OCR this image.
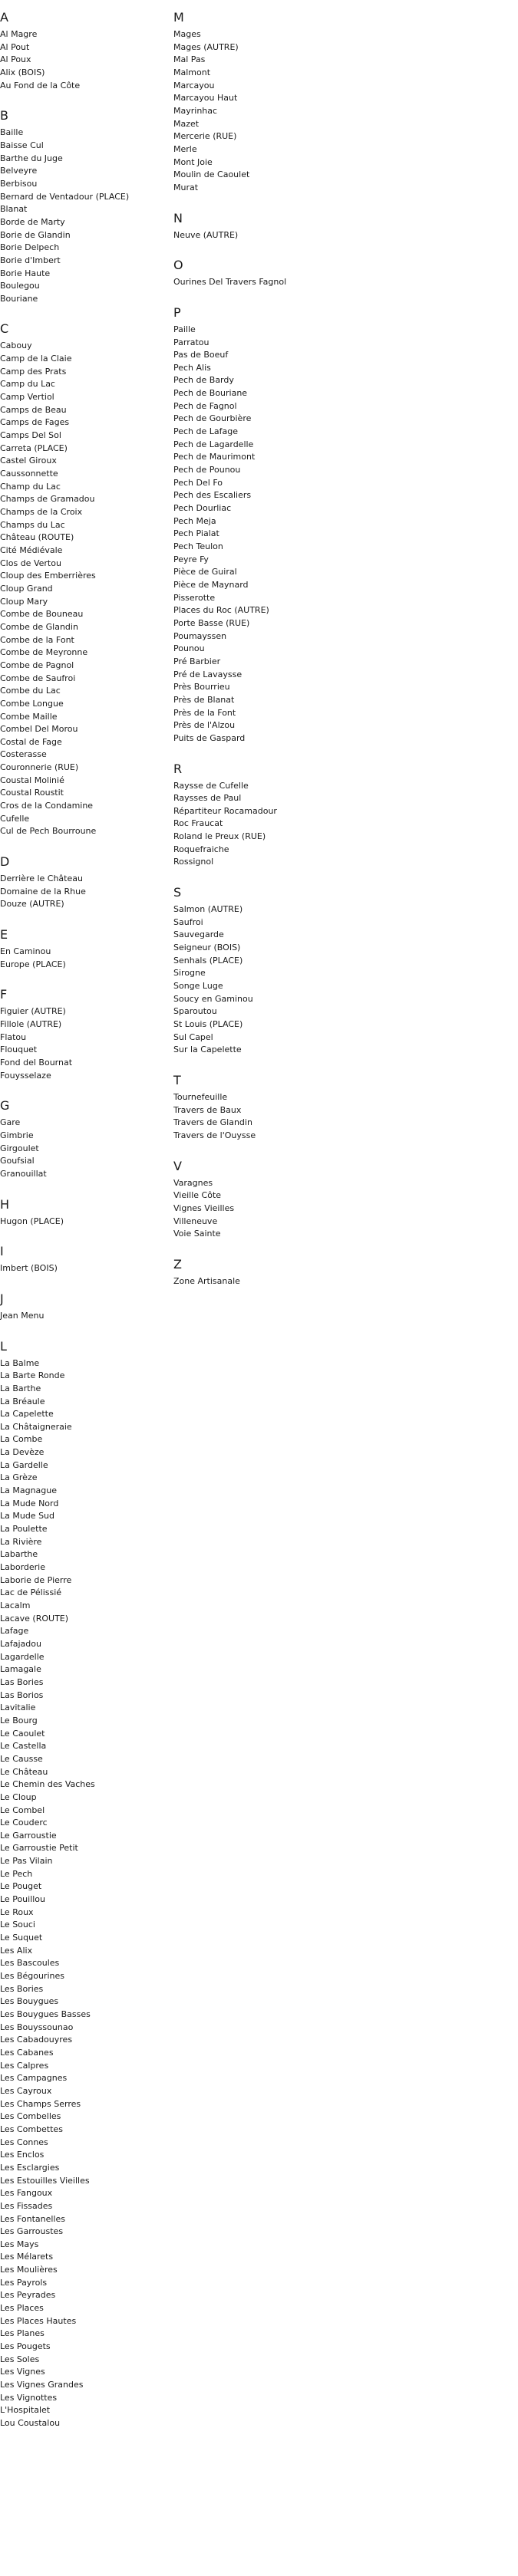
A
Al Magre
Al Pout
Al Poux
Alix (BOIS)
Au Fond de la Côte
B
Baille
Baisse Cul
Barthe du Juge
Belveyre
Berbisou
Bernard de Ventadour (PLACE)
Blanat
Borde de Marty
Borie de Glandin
Borie Delpech
Borie d'Imbert
Borie Haute
Boulegou
Bouriane
C
Cabouy
Camp de la Claie
Camp des Prats
Camp du Lac
Camp Vertiol
Camps de Beau
Camps de Fages
Camps Del Sol
Carreta (PLACE)
Castel Giroux
Caussonnette
Champ du Lac
Champs de Gramadou
Champs de la Croix
Champs du Lac
Château (ROUTE)
Cité Médiévale
Clos de Vertou
Cloup des Emberrières
Cloup Grand
Cloup Mary
Combe de Bouneau
Combe de Glandin
Combe de la Font
Combe de Meyronne
Combe de Pagnol
Combe de Saufroi
Combe du Lac
Combe Longue
Combe Maille
Combel Del Morou
Costal de Fage
Costerasse
Couronnerie (RUE)
Coustal Molinié
Coustal Roustit
Cros de la Condamine
Cufelle
Cul de Pech Bourroune
D
Derrière le Château
Domaine de la Rhue
Douze (AUTRE)
E
En Caminou
Europe (PLACE)
F
Figuier (AUTRE)
Fillole (AUTRE)
Flatou
Flouquet
Fond del Bournat
Fouysselaze
G
Gare
Gimbrie
Girgoulet
Goufsial
Granouillat
H
Hugon (PLACE)
I
Imbert (BOIS)
J
Jean Menu
L
La Balme
La Barte Ronde
La Barthe
La Bréaule
La Capelette
La Châtaigneraie
La Combe
La Devèze
La Gardelle
La Grèze
La Magnague
La Mude Nord
La Mude Sud
La Poulette
La Rivière
Labarthe
Laborderie
Laborie de Pierre
Lac de Pélissié
Lacalm
Lacave (ROUTE)
Lafage
Lafajadou
Lagardelle
Lamagale
Las Bories
Las Borios
Lavitalie
Le Bourg
Le Caoulet
Le Castella
Le Causse
Le Château
Le Chemin des Vaches
Le Cloup
Le Combel
Le Couderc
Le Garroustie
Le Garroustie Petit
Le Pas Vilain
Le Pech
Le Pouget
Le Pouillou
Le Roux
Le Souci
Le Suquet
Les Alix
Les Bascoules
Les Bégourines
Les Bories
Les Bouygues
Les Bouygues Basses
Les Bouyssounao
Les Cabadouyres
Les Cabanes
Les Calpres
Les Campagnes
Les Cayroux
Les Champs Serres
Les Combelles
Les Combettes
Les Connes
Les Enclos
Les Esclargies
Les Estouilles Vieilles
Les Fangoux
Les Fissades
Les Fontanelles
Les Garroustes
Les Mays
Les Mélarets
Les Moulières
Les Payrols
Les Peyrades
Les Places
Les Places Hautes
Les Planes
Les Pougets
Les Soles
Les Vignes
Les Vignes Grandes
Les Vignottes
L'Hospitalet
Lou Coustalou
M
Mages
Mages (AUTRE)
Mal Pas
Malmont
Marcayou
Marcayou Haut
Mayrinhac
Mazet
Mercerie (RUE)
Merle
Mont Joie
Moulin de Caoulet
Murat
N
Neuve (AUTRE)
O
Ourines Del Travers Fagnol
P
Paille
Parratou
Pas de Boeuf
Pech Alis
Pech de Bardy
Pech de Bouriane
Pech de Fagnol
Pech de Gourbière
Pech de Lafage
Pech de Lagardelle
Pech de Maurimont
Pech de Pounou
Pech Del Fo
Pech des Escaliers
Pech Dourliac
Pech Meja
Pech Pialat
Pech Teulon
Peyre Fy
Pièce de Guiral
Pièce de Maynard
Pisserotte
Places du Roc (AUTRE)
Porte Basse (RUE)
Poumayssen
Pounou
Pré Barbier
Pré de Lavaysse
Près Bourrieu
Près de Blanat
Près de la Font
Près de l'Alzou
Puits de Gaspard
R
Raysse de Cufelle
Raysses de Paul
Répartiteur Rocamadour
Roc Fraucat
Roland le Preux (RUE)
Roquefraiche
Rossignol
S
Salmon (AUTRE)
Saufroi
Sauvegarde
Seigneur (BOIS)
Senhals (PLACE)
Sirogne
Songe Luge
Soucy en Gaminou
Sparoutou
St Louis (PLACE)
Sul Capel
Sur la Capelette
T
Tournefeuille
Travers de Baux
Travers de Glandin
Travers de l'Ouysse
V
Varagnes
Vieille Côte
Vignes Vieilles
Villeneuve
Voie Sainte
Z
Zone Artisanale
